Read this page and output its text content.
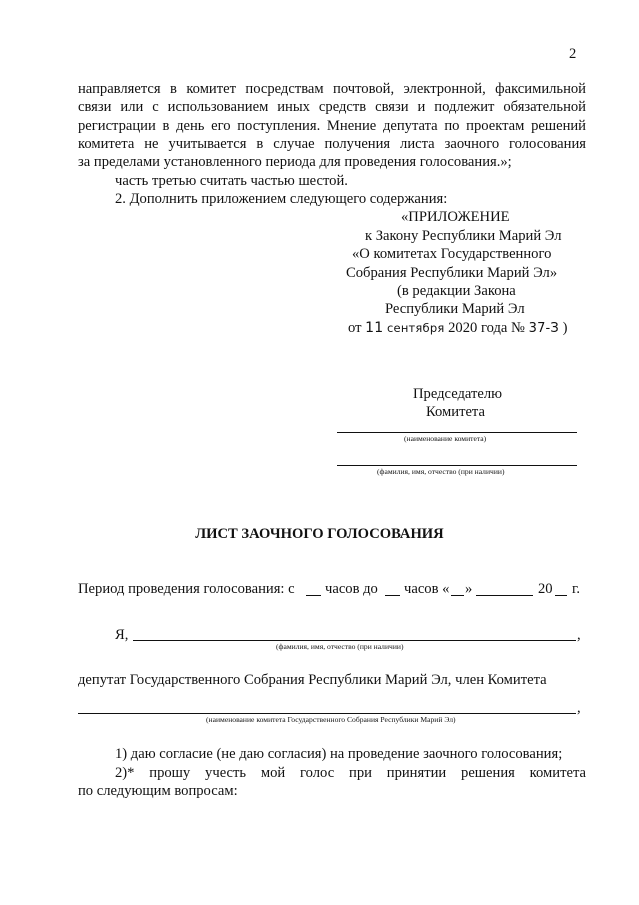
2
направляется в комитет посредствам почтовой, электронной, факсимильной
связи или с использованием иных средств связи и подлежит обязательной
регистрации в день его поступления. Мнение депутата по проектам решений
комитета не учитывается в случае получения листа заочного голосования
за пределами установленного периода для проведения голосования.»;
часть третью считать частью шестой.
2. Дополнить приложением следующего содержания:
«ПРИЛОЖЕНИЕ
к Закону Республики Марий Эл
«О комитетах Государственного
Собрания Республики Марий Эл»
(в редакции Закона
Республики Марий Эл
от 11 сентября 2020 года № 37-З )
Председателю
Комитета
(наименование комитета)
(фамилия, имя, отчество (при наличии)
ЛИСТ ЗАОЧНОГО ГОЛОСОВАНИЯ
Период проведения голосования: с часов до часов « »	20 г.
Я,	,
(фамилия, имя, отчество (при наличии)
депутат Государственного Собрания Республики Марий Эл, член Комитета
,
(наименование комитета Государственного Собрания Республики Марий Эл)
1) даю согласие (не даю согласия) на проведение заочного голосования;
2)* прошу учесть мой голос при принятии решения комитета
по следующим вопросам:
